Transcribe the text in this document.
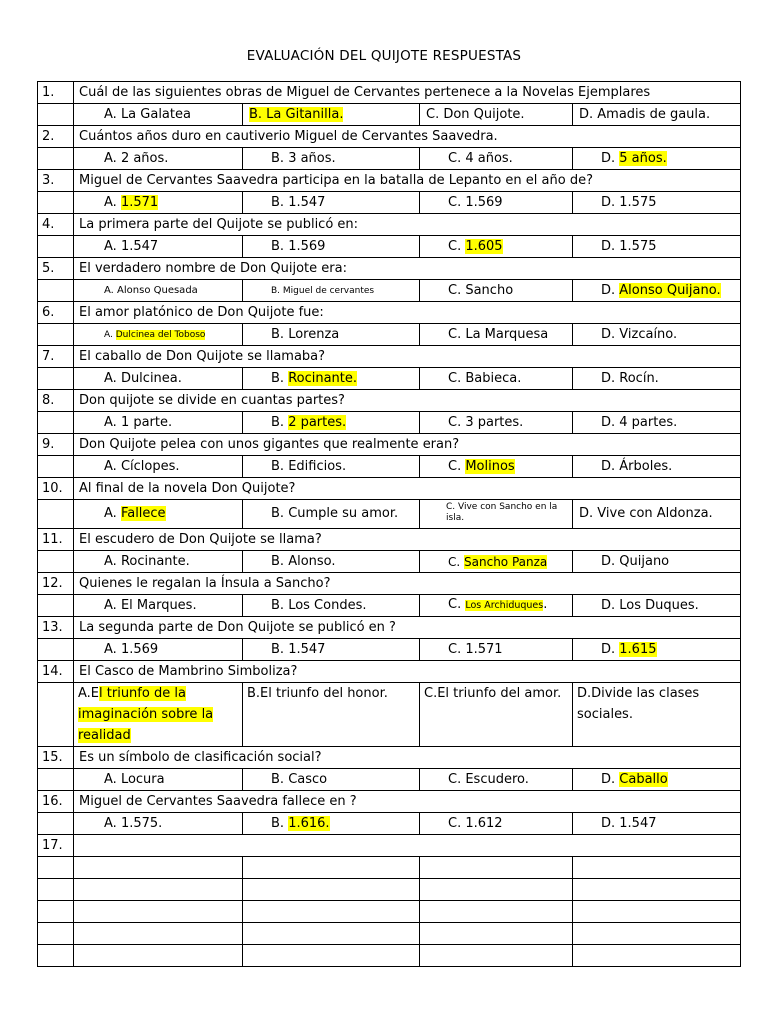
EVALUACIÓN DEL QUIJOTE RESPUESTAS
1.	Cuál de las siguientes obras de Miguel de Cervantes pertenece a la Novelas Ejemplares			
	A. La Galatea	B. La Gitanilla.	C. Don Quijote.	D. Amadis de gaula.
2.	Cuántos años duro en cautiverio Miguel de Cervantes Saavedra.			
	A. 2 años.	B. 3 años.	C. 4 años.	D. 5 años.
3.	Miguel de Cervantes Saavedra participa en la batalla de Lepanto en el año de?			
	A. 1.571	B. 1.547	C. 1.569	D. 1.575
4.	La primera parte del Quijote se publicó en:			
	A. 1.547	B. 1.569	C. 1.605	D. 1.575
5.	El verdadero nombre de Don Quijote era:			
	A. Alonso Quesada	B. Miguel de cervantes	C. Sancho	D. Alonso Quijano.
6.	El amor platónico de Don Quijote fue:			
	A. Dulcinea del Toboso	B. Lorenza	C. La Marquesa	D. Vizcaíno.
7.	El caballo de Don Quijote se llamaba?			
	A. Dulcinea.	B. Rocinante.	C. Babieca.	D. Rocín.
8.	Don quijote se divide en cuantas partes?			
	A. 1 parte.	B. 2 partes.	C. 3 partes.	D. 4 partes.
9.	Don Quijote pelea con unos gigantes que realmente eran?			
	A. Cíclopes.	B. Edificios.	C. Molinos	D. Árboles.
10.	Al final de la novela Don Quijote?			
	A. Fallece	B. Cumple su amor.	C. Vive con Sancho en la isla.	D. Vive con Aldonza.
11.	El escudero de Don Quijote se llama?			
	A. Rocinante.	B. Alonso.	C. Sancho Panza	D. Quijano
12.	Quienes le regalan la Ínsula a Sancho?			
	A. El Marques.	B. Los Condes.	C. Los Archiduques.	D. Los Duques.
13.	La segunda parte de Don Quijote se publicó en ?			
	A. 1.569	B. 1.547	C. 1.571	D. 1.615
14.	El Casco de Mambrino Simboliza?			
	A.El triunfo de la imaginación sobre la realidad	B.El triunfo del honor.	C.El triunfo del amor.	D.Divide las clases sociales.
15.	Es un símbolo de clasificación social?			
	A. Locura	B. Casco	C. Escudero.	D. Caballo
16.	Miguel de Cervantes Saavedra fallece en ?			
	A. 1.575.	B. 1.616.	C. 1.612	D. 1.547
17.				
